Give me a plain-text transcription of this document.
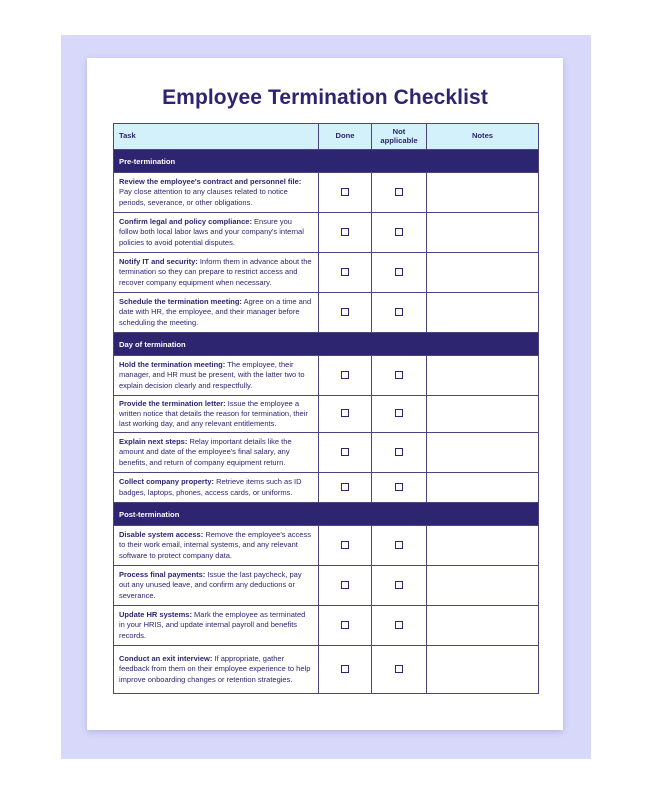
Employee Termination Checklist
Task	Done	Not applicable	Notes
Pre-termination			
Review the employee's contract and personnel file: Pay close attention to any clauses related to notice periods, severance, or other obligations.			
Confirm legal and policy compliance: Ensure you follow both local labor laws and your company's internal policies to avoid potential disputes.			
Notify IT and security: Inform them in advance about the termination so they can prepare to restrict access and recover company equipment when necessary.			
Schedule the termination meeting: Agree on a time and date with HR, the employee, and their manager before scheduling the meeting.			
Day of termination			
Hold the termination meeting: The employee, their manager, and HR must be present, with the latter two to explain decision clearly and respectfully.			
Provide the termination letter: Issue the employee a written notice that details the reason for termination, their last working day, and any relevant entitlements.			
Explain next steps: Relay important details like the amount and date of the employee's final salary, any benefits, and return of company equipment return.			
Collect company property: Retrieve items such as ID badges, laptops, phones, access cards, or uniforms.			
Post-termination			
Disable system access: Remove the employee's access to their work email, internal systems, and any relevant software to protect company data.			
Process final payments: Issue the last paycheck, pay out any unused leave, and confirm any deductions or severance.			
Update HR systems: Mark the employee as terminated in your HRIS, and update internal payroll and benefits records.			
Conduct an exit interview: If appropriate, gather feedback from them on their employee experience to help improve onboarding changes or retention strategies.			
